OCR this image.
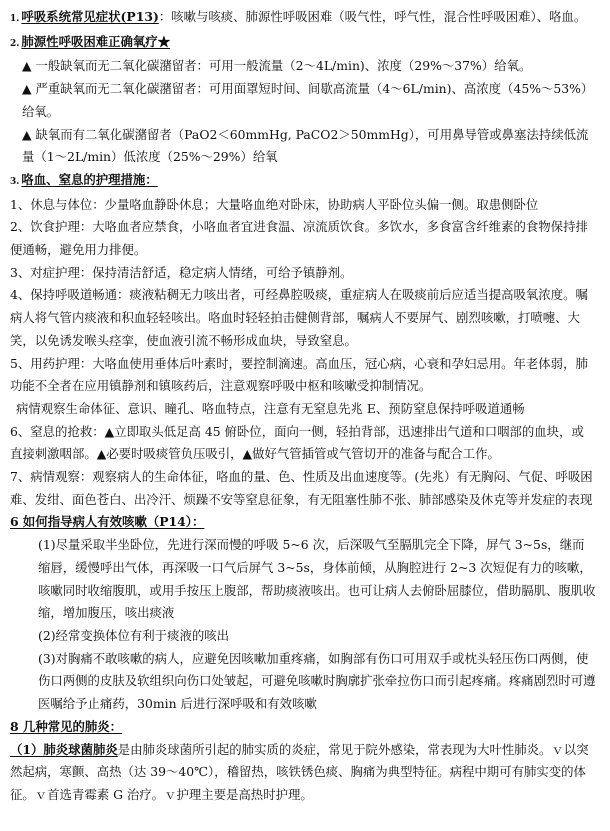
1. 呼吸系统常见症状(P13)：咳嗽与咳痰、肺源性呼吸困难（吸气性，呼气性，混合性呼吸困难）、咯血。
2. 肺源性呼吸困难正确氧疗★
▲ 一般缺氧而无二氧化碳潴留者：可用一般流量（2～4L/min)、浓度（29%～37%）给氧。
▲ 严重缺氧而无二氧化碳潴留者：可用面罩短时间、间歇高流量（4～6L/min)、高浓度（45%～53%）给氧。
▲ 缺氧而有二氧化碳潴留者（PaO2＜60mmHg, PaCO2＞50mmHg），可用鼻导管或鼻塞法持续低流量（1～2L/min）低浓度（25%～29%）给氧
3. 咯血、窒息的护理措施：
1、休息与体位：少量咯血静卧休息；大量咯血绝对卧床，协助病人平卧位头偏一侧。取患侧卧位
2、饮食护理：大咯血者应禁食，小咯血者宜进食温、凉流质饮食。多饮水，多食富含纤维素的食物保持排便通畅，避免用力排便。
3、对症护理：保持清洁舒适，稳定病人情绪，可给予镇静剂。
4、保持呼吸道畅通：痰液粘稠无力咳出者，可经鼻腔吸痰，重症病人在吸痰前后应适当提高吸氧浓度。嘱病人将气管内痰液和积血轻轻咳出。咯血时轻轻拍击健侧背部，嘱病人不要屏气、剧烈咳嗽，打喷嚏、大笑，以免诱发喉头痉挛，使血液引流不畅形成血块，导致窒息。
5、用药护理：大咯血使用垂体后叶素时，要控制滴速。高血压，冠心病，心衰和孕妇忌用。年老体弱，肺功能不全者在应用镇静剂和镇咳药后，注意观察呼吸中枢和咳嗽受抑制情况。
病情观察生命体征、意识、瞳孔、咯血特点，注意有无窒息先兆 E、预防窒息保持呼吸道通畅
6、窒息的抢救：▲立即取头低足高 45 俯卧位，面向一侧，轻拍背部，迅速排出气道和口咽部的血块，或直接刺激咽部。▲必要时吸痰管负压吸引，▲做好气管插管或气管切开的准备与配合工作。
7、病情观察：观察病人的生命体征，咯血的量、色、性质及出血速度等。(先兆）有无胸闷、气促、呼吸困难、发绀、面色苍白、出冷汗、烦躁不安等窒息征象，有无阻塞性肺不张、肺部感染及休克等并发症的表现
6 如何指导病人有效咳嗽（P14）：
(1)尽量采取半坐卧位，先进行深而慢的呼吸 5~6 次，后深吸气至膈肌完全下降，屏气 3~5s，继而缩唇，缓慢呼出气体，再深吸一口气后屏气 3~5s，身体前倾，从胸腔进行 2~3 次短促有力的咳嗽，咳嗽同时收缩腹肌，或用手按压上腹部，帮助痰液咳出。也可让病人去俯卧屈膝位，借助膈肌、腹肌收缩，增加腹压，咳出痰液
(2)经常变换体位有利于痰液的咳出
(3)对胸痛不敢咳嗽的病人，应避免因咳嗽加重疼痛，如胸部有伤口可用双手或枕头轻压伤口两侧，使伤口两侧的皮肤及软组织向伤口处皱起，可避免咳嗽时胸廓扩张牵拉伤口而引起疼痛。疼痛剧烈时可遵医嘱给予止痛药，30min 后进行深呼吸和有效咳嗽
8 几种常见的肺炎：
（1）肺炎球菌肺炎是由肺炎球菌所引起的肺实质的炎症，常见于院外感染，常表现为大叶性肺炎。ｖ以突然起病，寒颤、高热（达 39～40℃），稽留热，咳铁锈色痰、胸痛为典型特征。病程中期可有肺实变的体征。ｖ首选青霉素 G 治疗。ｖ护理主要是高热时护理。
